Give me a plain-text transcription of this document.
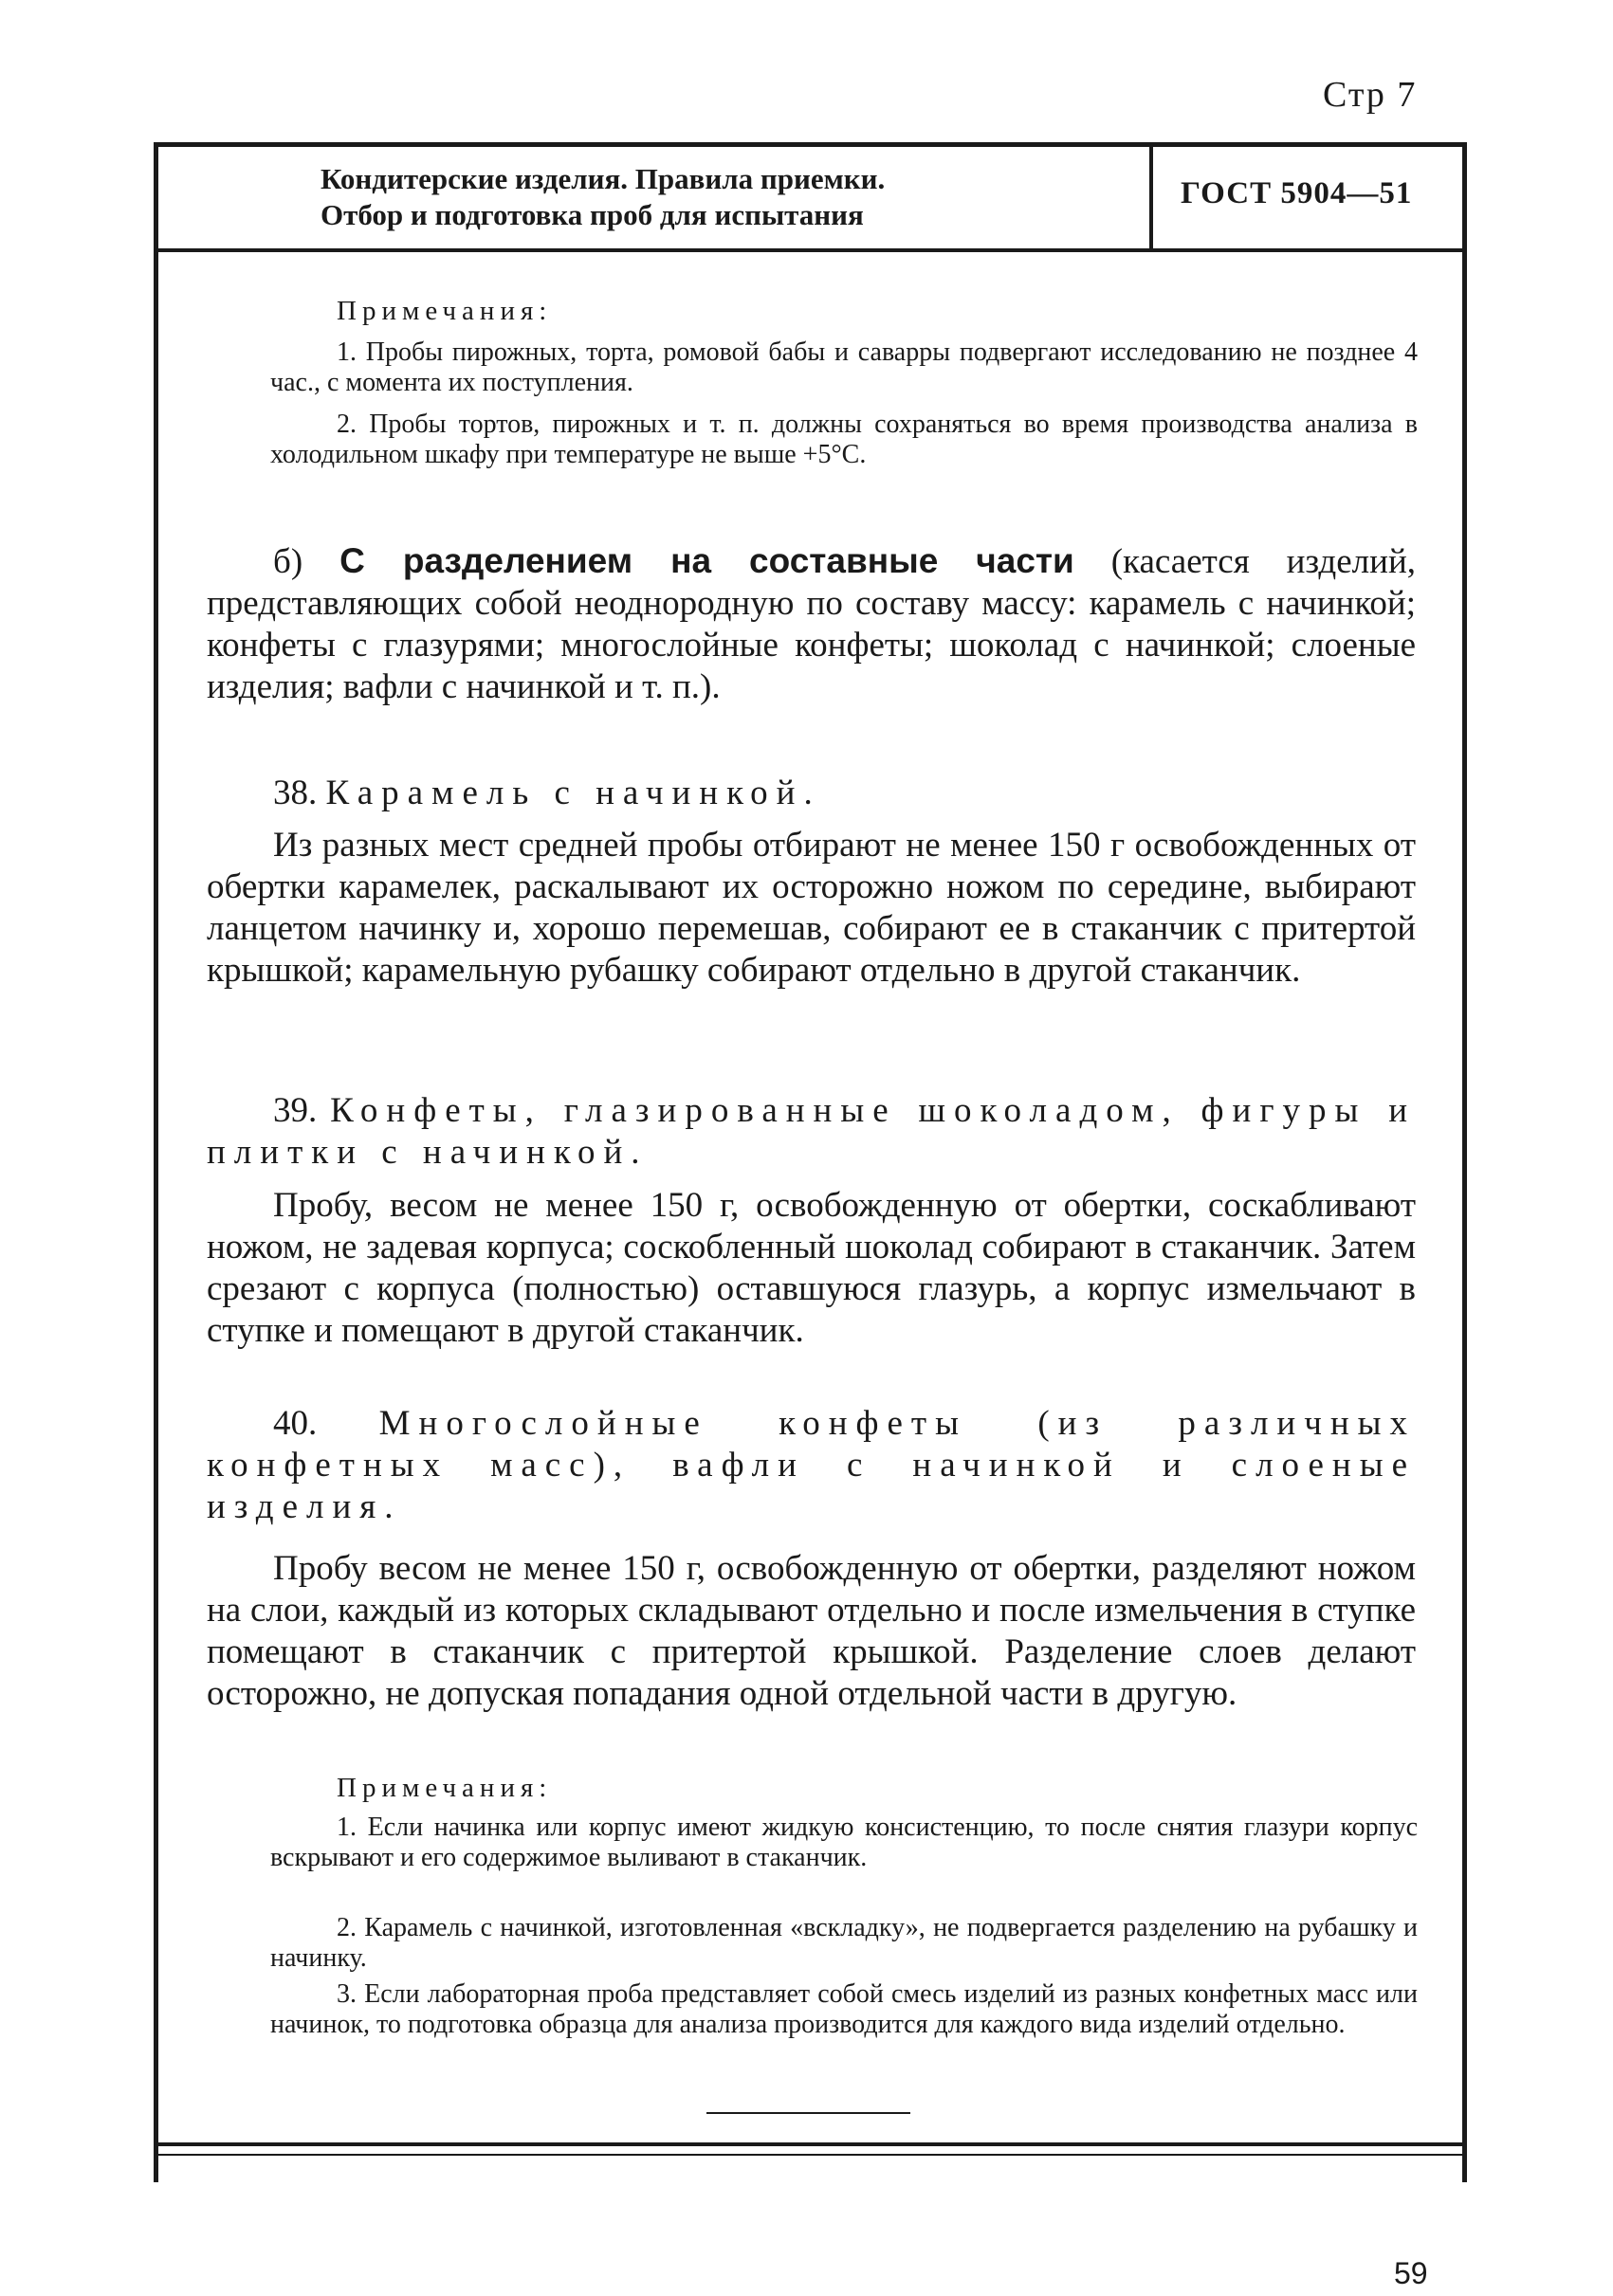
Стр 7
Кондитерские изделия. Правила приемки.
Отбор и подготовка проб для испытания
ГОСТ 5904—51
Примечания:
1. Пробы пирожных, торта, ромовой бабы и саварры подвергают исследованию не позднее 4 час., с момента их поступления.
2. Пробы тортов, пирожных и т. п. должны сохраняться во время производства анализа в холодильном шкафу при температуре не выше +5°C.
б) С разделением на составные части (касается изделий, представляющих собой неоднородную по составу массу: карамель с начинкой; конфеты с глазурями; многослойные конфеты; шоколад с начинкой; слоеные изделия; вафли с начинкой и т. п.).
38. Карамель с начинкой.
Из разных мест средней пробы отбирают не менее 150 г освобожденных от обертки карамелек, раскалывают их осторожно ножом по середине, выбирают ланцетом начинку и, хорошо перемешав, собирают ее в стаканчик с притертой крышкой; карамельную рубашку собирают отдельно в другой стаканчик.
39. Конфеты, глазированные шоколадом, фигуры и плитки с начинкой.
Пробу, весом не менее 150 г, освобожденную от обертки, соскабливают ножом, не задевая корпуса; соскобленный шоколад собирают в стаканчик. Затем срезают с корпуса (полностью) оставшуюся глазурь, а корпус измельчают в ступке и помещают в другой стаканчик.
40. Многослойные конфеты (из различных конфетных масс), вафли с начинкой и слоеные изделия.
Пробу весом не менее 150 г, освобожденную от обертки, разделяют ножом на слои, каждый из которых складывают отдельно и после измельчения в ступке помещают в стаканчик с притертой крышкой. Разделение слоев делают осторожно, не допуская попадания одной отдельной части в другую.
Примечания:
1. Если начинка или корпус имеют жидкую консистенцию, то после снятия глазури корпус вскрывают и его содержимое выливают в стаканчик.
2. Карамель с начинкой, изготовленная «вскладку», не подвергается разделению на рубашку и начинку.
3. Если лабораторная проба представляет собой смесь изделий из разных конфетных масс или начинок, то подготовка образца для анализа производится для каждого вида изделий отдельно.
59
